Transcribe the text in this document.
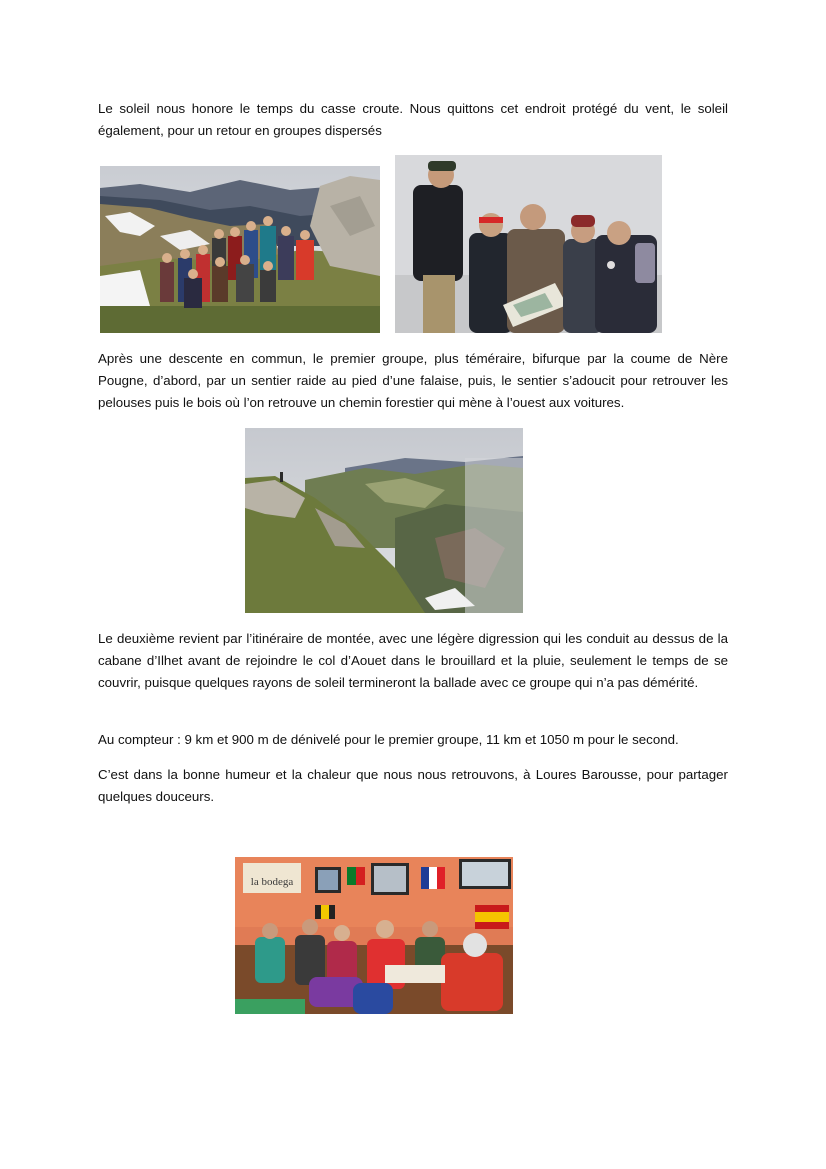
Le soleil nous honore le temps du casse croute. Nous quittons cet endroit protégé du vent, le soleil également, pour un retour en groupes dispersés

Après une descente en commun, le premier groupe, plus téméraire, bifurque par la coume de Nère Pougne, d’abord, par un sentier raide au pied d’une falaise, puis, le sentier s’adoucit pour retrouver les pelouses puis le bois où l’on retrouve un chemin forestier qui mène à l’ouest aux voitures.

Le deuxième revient par l’itinéraire de montée, avec une légère digression qui les conduit au dessus de la cabane d’Ilhet avant de rejoindre le col d’Aouet dans le brouillard et la pluie, seulement le temps de se couvrir, puisque quelques rayons de soleil termineront la ballade avec ce groupe qui n’a pas démérité.

Au compteur : 9 km et 900 m de dénivelé pour le premier groupe, 11 km et 1050 m pour le second.

C’est dans la bonne humeur et la chaleur que nous nous retrouvons, à Loures Barousse, pour partager quelques douceurs.

la bodega
